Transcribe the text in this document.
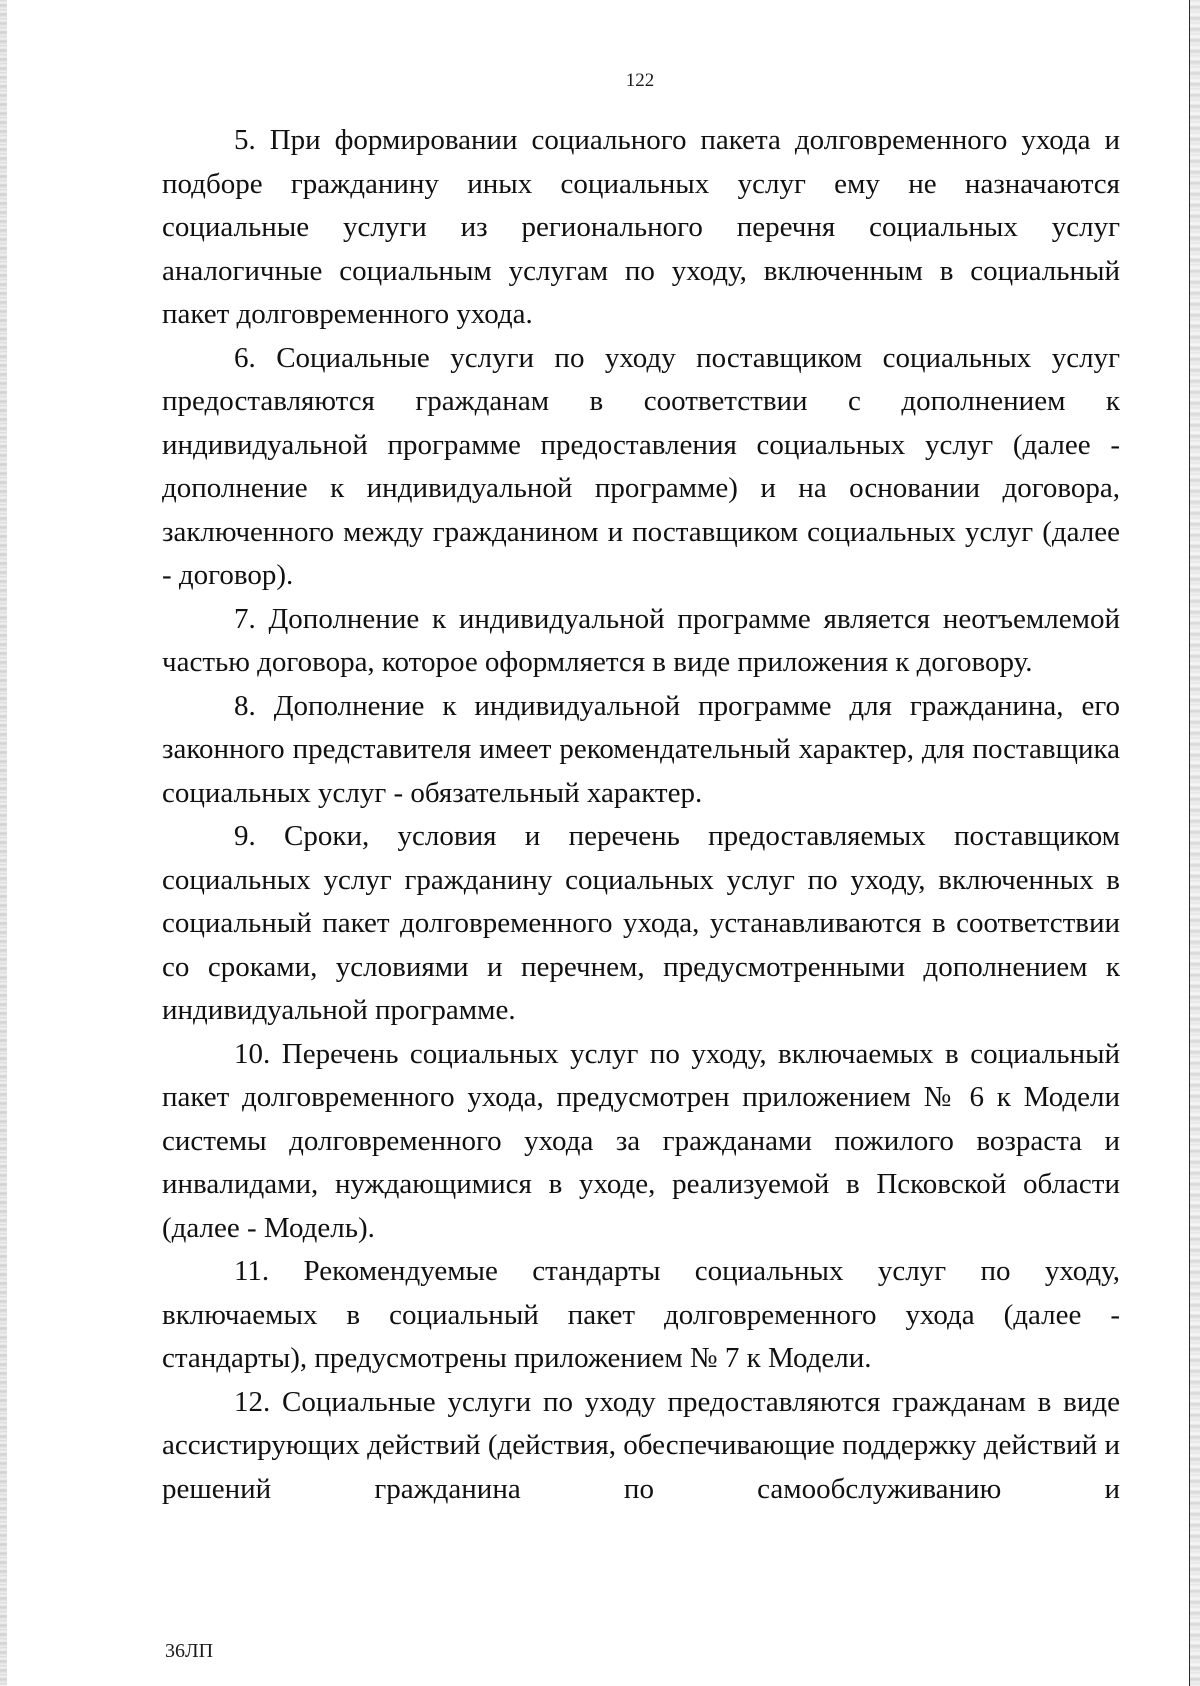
122

5. При формировании социального пакета долговременного ухода и подборе гражданину иных социальных услуг ему не назначаются социальные услуги из регионального перечня социальных услуг аналогичные социальным услугам по уходу, включенным в социальный пакет долговременного ухода.

6. Социальные услуги по уходу поставщиком социальных услуг предоставляются гражданам в соответствии с дополнением к индивидуальной программе предоставления социальных услуг (далее - дополнение к индивидуальной программе) и на основании договора, заключенного между гражданином и поставщиком социальных услуг (далее - договор).

7. Дополнение к индивидуальной программе является неотъемлемой частью договора, которое оформляется в виде приложения к договору.

8. Дополнение к индивидуальной программе для гражданина, его законного представителя имеет рекомендательный характер, для поставщика социальных услуг - обязательный характер.

9. Сроки, условия и перечень предоставляемых поставщиком социальных услуг гражданину социальных услуг по уходу, включенных в социальный пакет долговременного ухода, устанавливаются в соответствии со сроками, условиями и перечнем, предусмотренными дополнением к индивидуальной программе.

10. Перечень социальных услуг по уходу, включаемых в социальный пакет долговременного ухода, предусмотрен приложением № 6 к Модели системы долговременного ухода за гражданами пожилого возраста и инвалидами, нуждающимися в уходе, реализуемой в Псковской области (далее - Модель).

11. Рекомендуемые стандарты социальных услуг по уходу, включаемых в социальный пакет долговременного ухода (далее - стандарты), предусмотрены приложением № 7 к Модели.

12. Социальные услуги по уходу предоставляются гражданам в виде ассистирующих действий (действия, обеспечивающие поддержку действий и решений гражданина по самообслуживанию и

36ЛП
